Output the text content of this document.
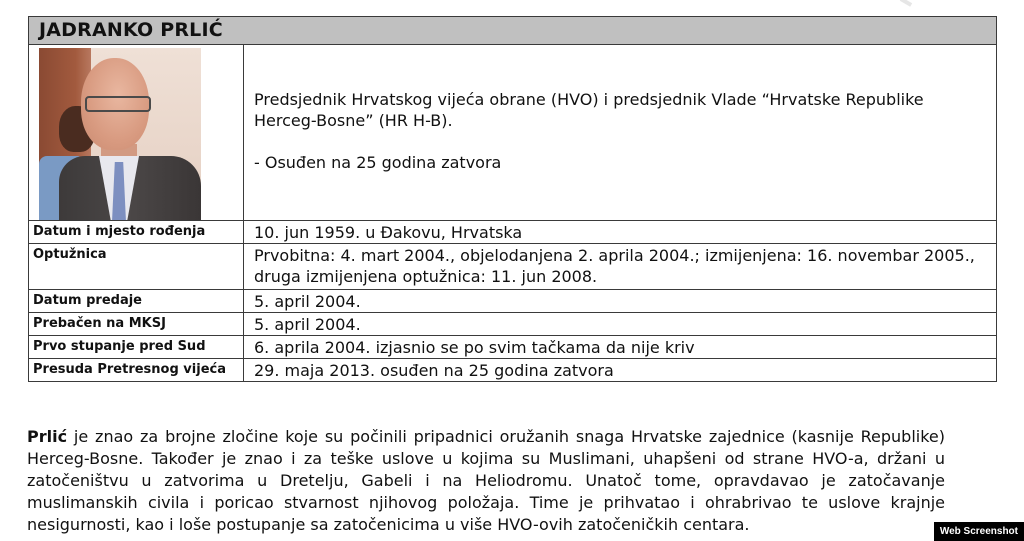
JADRANKO PRLIĆ	

	Predsjednik Hrvatskog vijeća obrane (HVO) i predsjednik Vlade “Hrvatske Republike Herceg-Bosne” (HR H-B).
- Osuđen na 25 godina zatvora

Datum i mjesto rođenja	10. jun 1959. u Đakovu, Hrvatska
Optužnica	Prvobitna: 4. mart 2004., objelodanjena 2. aprila 2004.; izmijenjena: 16. novembar 2005., druga izmijenjena optužnica: 11. jun 2008.
Datum predaje	5. april 2004.
Prebačen na MKSJ	5. april 2004.
Prvo stupanje pred Sud	6. aprila 2004. izjasnio se po svim tačkama da nije kriv
Presuda Pretresnog vijeća	29. maja 2013. osuđen na 25 godina zatvora

Prlić je znao za brojne zločine koje su počinili pripadnici oružanih snaga Hrvatske zajednice (kasnije Republike) Herceg-Bosne. Također je znao i za teške uslove u kojima su Muslimani, uhapšeni od strane HVO-a, držani u zatočeništvu u zatvorima u Dretelju, Gabeli i na Heliodromu. Unatoč tome, opravdavao je zatočavanje muslimanskih civila i poricao stvarnost njihovog položaja. Time je prihvatao i ohrabrivao te uslove krajnje nesigurnosti, kao i loše postupanje sa zatočenicima u više HVO-ovih zatočeničkih centara.	Web Screenshot
